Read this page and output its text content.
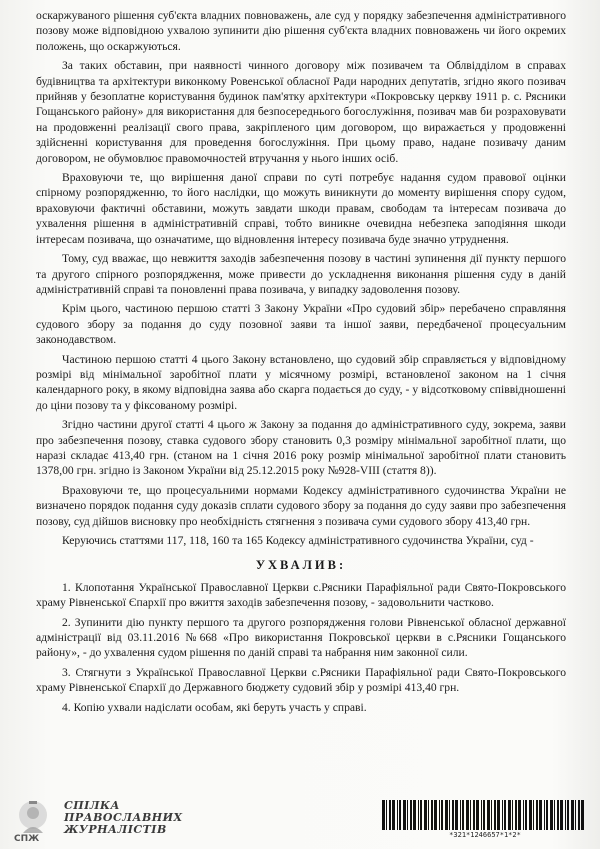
оскаржуваного рішення суб'єкта владних повноважень, але суд у порядку забезпечення адміністративного позову може відповідною ухвалою зупинити дію рішення суб'єкта владних повноважень чи його окремих положень, що оскаржуються.

За таких обставин, при наявності чинного договору між позивачем та Облвідділом в справах будівництва та архітектури виконкому Ровенської обласної Ради народних депутатів, згідно якого позивач прийняв у безоплатне користування будинок пам'ятку архітектури «Покровську церкву 1911 р. с. Рясники Гощанського району» для використання для безпосереднього богослужіння, позивач мав би розраховувати на продовженні реалізації свого права, закріпленого цим договором, що виражається у продовженні здійсненні користування для проведення богослужіння. При цьому право, надане позивачу даним договором, не обумовлює правомочностей втручання у нього інших осіб.

Враховуючи те, що вирішення даної справи по суті потребує надання судом правової оцінки спірному розпорядженню, то його наслідки, що можуть виникнути до моменту вирішення спору судом, враховуючи фактичні обставини, можуть завдати шкоди правам, свободам та інтересам позивача до ухвалення рішення в адміністративній справі, тобто виникне очевидна небезпека заподіяння шкоди інтересам позивача, що означатиме, що відновлення інтересу позивача буде значно утруднення.

Тому, суд вважає, що невжиття заходів забезпечення позову в частині зупинення дії пункту першого та другого спірного розпорядження, може привести до ускладнення виконання рішення суду в даній адміністративній справі та поновленні права позивача, у випадку задоволення позову.

Крім цього, частиною першою статті 3 Закону України «Про судовий збір» перебачено справляння судового збору за подання до суду позовної заяви та іншої заяви, передбаченої процесуальним законодавством.

Частиною першою статті 4 цього Закону встановлено, що судовий збір справляється у відповідному розмірі від мінімальної заробітної плати у місячному розмірі, встановленої законом на 1 січня календарного року, в якому відповідна заява або скарга подається до суду, - у відсотковому співвідношенні до ціни позову та у фіксованому розмірі.

Згідно частини другої статті 4 цього ж Закону за подання до адміністративного суду, зокрема, заяви про забезпечення позову, ставка судового збору становить 0,3 розміру мінімальної заробітної плати, що наразі складає 413,40 грн. (станом на 1 січня 2016 року розмір мінімальної заробітної плати становить 1378,00 грн. згідно із Законом України від 25.12.2015 року №928-VIII (стаття 8)).

Враховуючи те, що процесуальними нормами Кодексу адміністративного судочинства України не визначено порядок подання суду доказів сплати судового збору за подання до суду заяви про забезпечення позову, суд дійшов висновку про необхідність стягнення з позивача суми судового збору 413,40 грн.

Керуючись статтями 117, 118, 160 та 165 Кодексу адміністративного судочинства України, суд -

УХВАЛИВ:

1. Клопотання Української Православної Церкви с.Рясники Парафіяльної ради Свято-Покровського храму Рівненської Єпархії про вжиття заходів забезпечення позову, - задовольнити частково.

2. Зупинити дію пункту першого та другого розпорядження голови Рівненської обласної державної адміністрації від 03.11.2016 №668 «Про використання Покровської церкви в с.Рясники Гощанського району», - до ухвалення судом рішення по даній справі та набрання ним законної сили.

3. Стягнути з Української Православної Церкви с.Рясники Парафіяльної ради Свято-Покровського храму Рівненської Єпархії до Державного бюджету судовий збір у розмірі 413,40 грн.

4. Копію ухвали надіслати особам, які беруть участь у справі.

СПЖ
СПІЛКА
ПРАВОСЛАВНИХ
ЖУРНАЛІСТІВ	*321*1246657*1*2*
